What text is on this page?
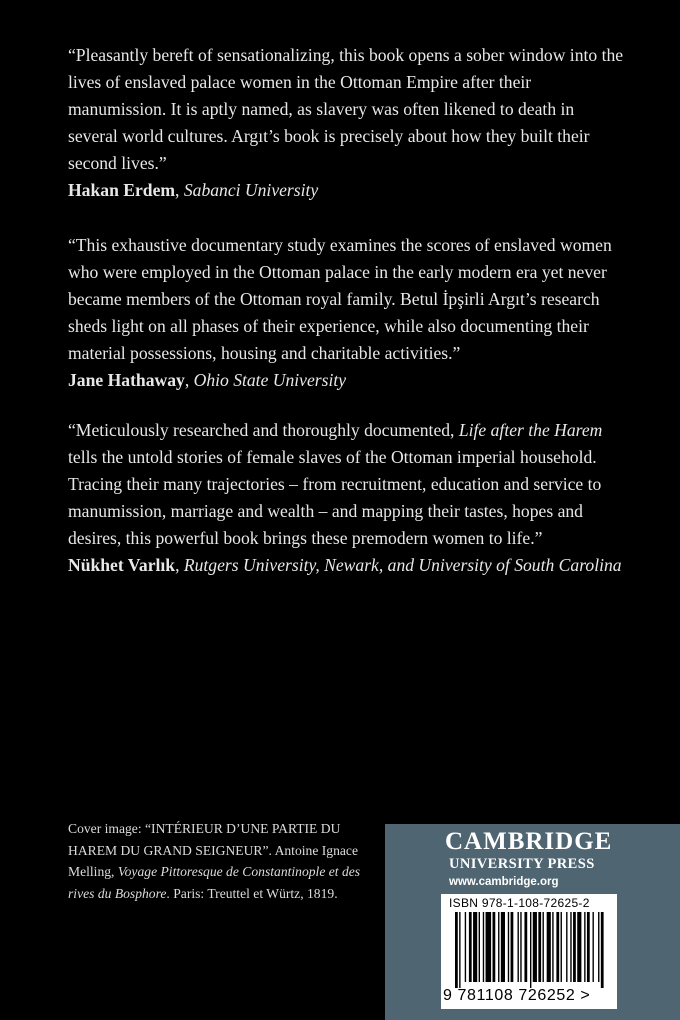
“Pleasantly bereft of sensationalizing, this book opens a sober window into the lives of enslaved palace women in the Ottoman Empire after their manumission. It is aptly named, as slavery was often likened to death in several world cultures. Argıt’s book is precisely about how they built their second lives.”

Hakan Erdem, Sabanci University

“This exhaustive documentary study examines the scores of enslaved women who were employed in the Ottoman palace in the early modern era yet never became members of the Ottoman royal family. Betul İpşirli Argıt’s research sheds light on all phases of their experience, while also documenting their material possessions, housing and charitable activities.”

Jane Hathaway, Ohio State University

“Meticulously researched and thoroughly documented, Life after the Harem tells the untold stories of female slaves of the Ottoman imperial household. Tracing their many trajectories – from recruitment, education and service to manumission, marriage and wealth – and mapping their tastes, hopes and desires, this powerful book brings these premodern women to life.”

Nükhet Varlık, Rutgers University, Newark, and University of South Carolina
Cover image: “INTÉRIEUR D’UNE PARTIE DU HAREM DU GRAND SEIGNEUR”. Antoine Ignace Melling, Voyage Pittoresque de Constantinople et des rives du Bosphore. Paris: Treuttel et Würtz, 1819.
CAMBRIDGE
UNIVERSITY PRESS
www.cambridge.org
ISBN 978-1-108-72625-2
9 781108 726252 >
